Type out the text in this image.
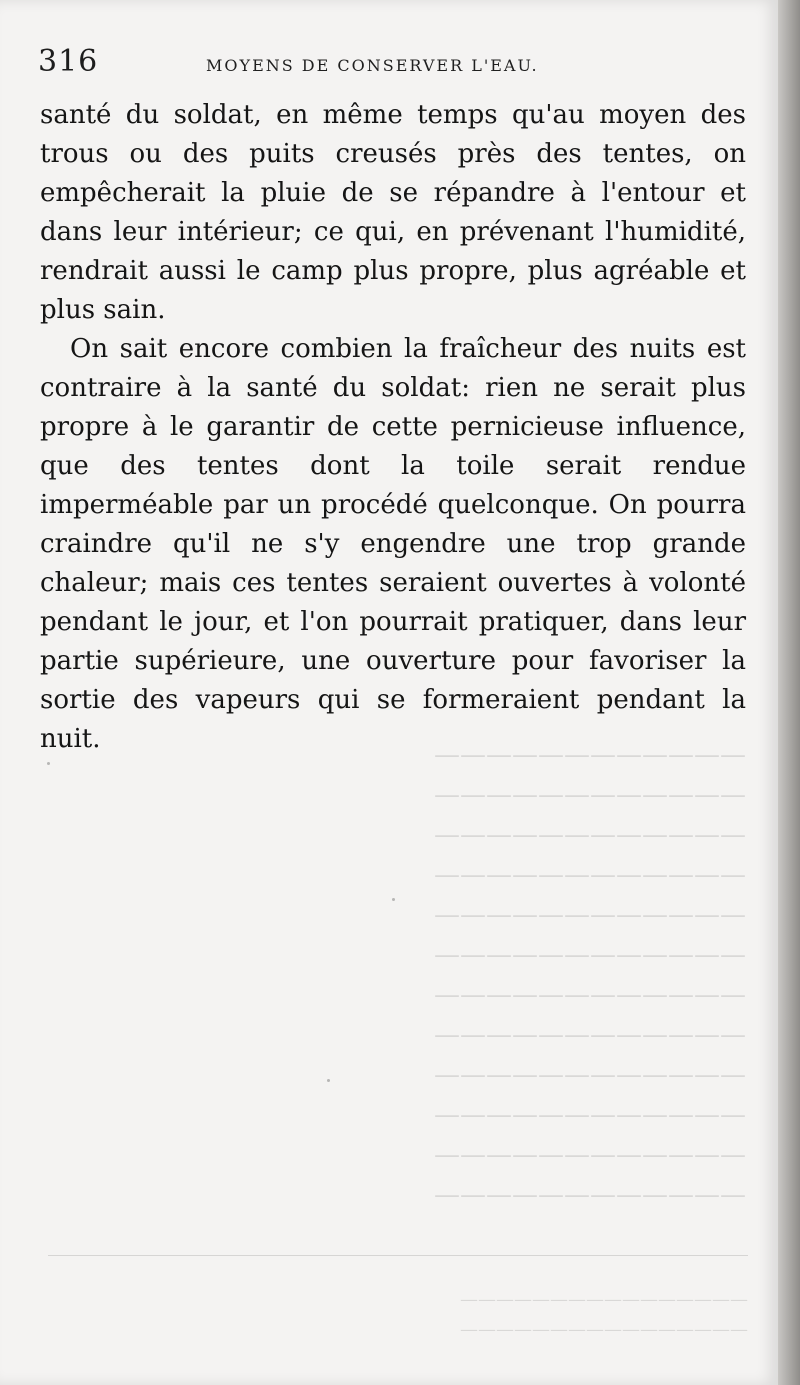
316	MOYENS DE CONSERVER L'EAU.

santé du soldat, en même temps qu'au moyen des trous ou des puits creusés près des tentes, on empêcherait la pluie de se répandre à l'entour et dans leur intérieur; ce qui, en prévenant l'humidité, rendrait aussi le camp plus propre, plus agréable et plus sain.

On sait encore combien la fraîcheur des nuits est contraire à la santé du soldat: rien ne serait plus propre à le garantir de cette pernicieuse influence, que des tentes dont la toile serait rendue imperméable par un procédé quelconque. On pourra craindre qu'il ne s'y engendre une trop grande chaleur; mais ces tentes seraient ouvertes à volonté pendant le jour, et l'on pourrait pratiquer, dans leur partie supérieure, une ouverture pour favoriser la sortie des vapeurs qui se formeraient pendant la nuit.

————————————

————————————

————————————

————————————

————————————

————————————

————————————

————————————

————————————

————————————

————————————

————————————

————————————————

————————————————
